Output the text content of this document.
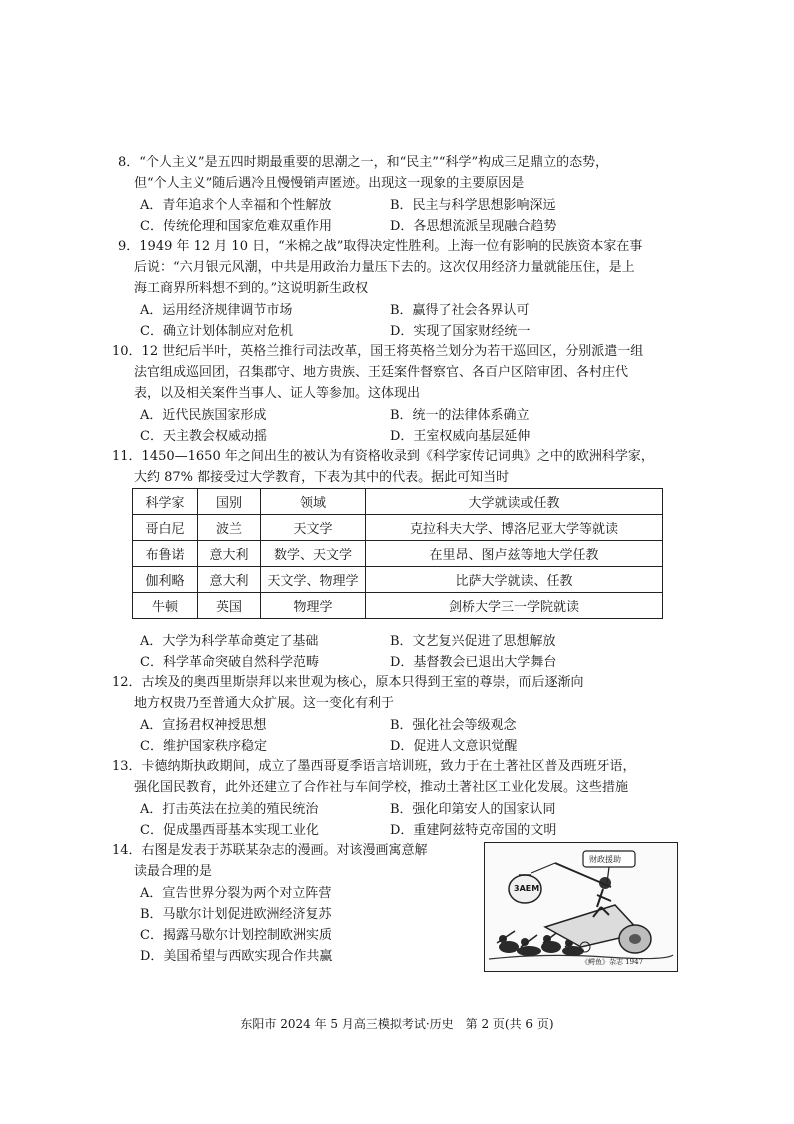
8．“个人主义”是五四时期最重要的思潮之一，和“民主”“科学”构成三足鼎立的态势，
但“个人主义”随后遇冷且慢慢销声匿迹。出现这一现象的主要原因是
A．青年追求个人幸福和个性解放	B．民主与科学思想影响深远
C．传统伦理和国家危难双重作用	D．各思想流派呈现融合趋势
9．1949 年 12 月 10 日，“米棉之战”取得决定性胜利。上海一位有影响的民族资本家在事
后说：“六月银元风潮，中共是用政治力量压下去的。这次仅用经济力量就能压住，是上
海工商界所料想不到的。”这说明新生政权
A．运用经济规律调节市场	B．赢得了社会各界认可
C．确立计划体制应对危机	D．实现了国家财经统一
10．12 世纪后半叶，英格兰推行司法改革，国王将英格兰划分为若干巡回区，分别派遣一组
法官组成巡回团，召集郡守、地方贵族、王廷案件督察官、各百户区陪审团、各村庄代
表，以及相关案件当事人、证人等参加。这体现出
A．近代民族国家形成	B．统一的法律体系确立
C．天主教会权威动摇	D．王室权威向基层延伸
11．1450—1650 年之间出生的被认为有资格收录到《科学家传记词典》之中的欧洲科学家，
大约 87% 都接受过大学教育，下表为其中的代表。据此可知当时
科学家	国别	领域	大学就读或任教
哥白尼	波兰	天文学	克拉科夫大学、博洛尼亚大学等就读
布鲁诺	意大利	数学、天文学	在里昂、图卢兹等地大学任教
伽利略	意大利	天文学、物理学	比萨大学就读、任教
牛顿	英国	物理学	剑桥大学三一学院就读
A．大学为科学革命奠定了基础	B．文艺复兴促进了思想解放
C．科学革命突破自然科学范畴	D．基督教会已退出大学舞台
12．古埃及的奥西里斯崇拜以来世观为核心，原本只得到王室的尊崇，而后逐渐向
地方权贵乃至普通大众扩展。这一变化有利于
A．宣扬君权神授思想	B．强化社会等级观念
C．维护国家秩序稳定	D．促进人文意识觉醒
13．卡德纳斯执政期间，成立了墨西哥夏季语言培训班，致力于在土著社区普及西班牙语，
强化国民教育，此外还建立了合作社与车间学校，推动土著社区工业化发展。这些措施
A．打击英法在拉美的殖民统治	B．强化印第安人的国家认同
C．促成墨西哥基本实现工业化	D．重建阿兹特克帝国的文明
14．右图是发表于苏联某杂志的漫画。对该漫画寓意解
读最合理的是
A．宣告世界分裂为两个对立阵营
B．马歇尔计划促进欧洲经济复苏
C．揭露马歇尔计划控制欧洲实质
D．美国希望与西欧实现合作共赢
财政援助
3AEM
《鳄鱼》杂志 1947
东阳市 2024 年 5 月高三模拟考试·历史　第 2 页(共 6 页)
